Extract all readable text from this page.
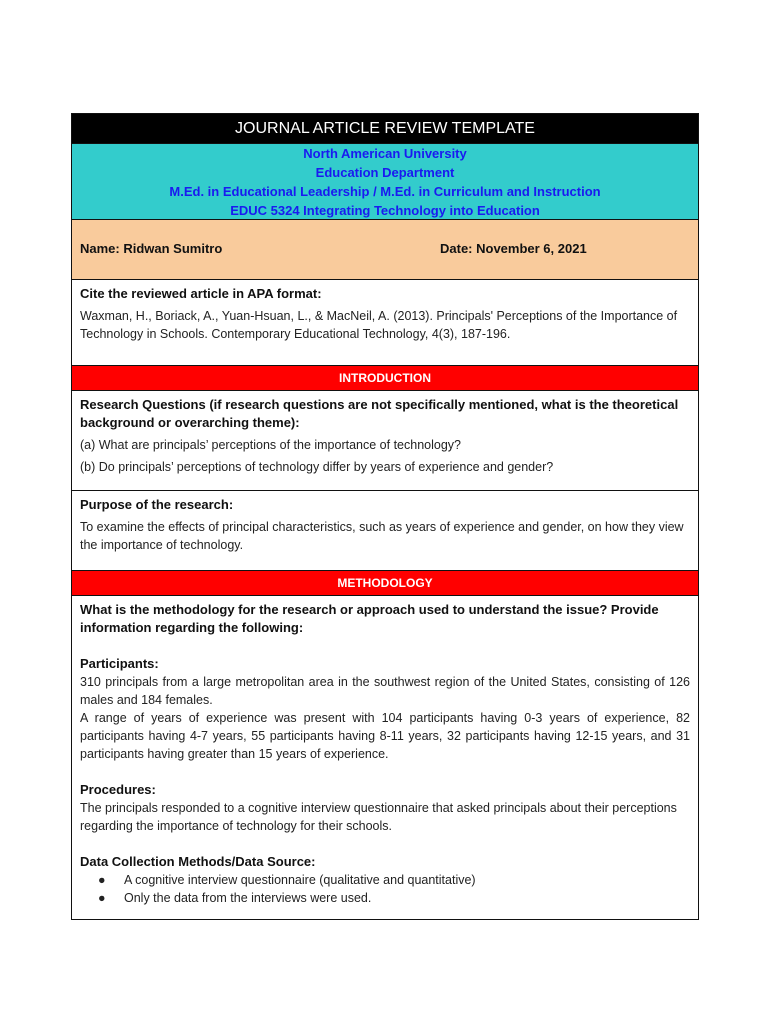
JOURNAL ARTICLE REVIEW TEMPLATE
North American University
Education Department
M.Ed. in Educational Leadership / M.Ed. in Curriculum and Instruction
EDUC 5324 Integrating Technology into Education
Name: Ridwan Sumitro	Date: November 6, 2021
Cite the reviewed article in APA format:

Waxman, H., Boriack, A., Yuan-Hsuan, L., & MacNeil, A. (2013). Principals' Perceptions of the Importance of Technology in Schools. Contemporary Educational Technology, 4(3), 187-196.

INTRODUCTION
Research Questions (if research questions are not specifically mentioned, what is the theoretical background or overarching theme):

(a) What are principals’ perceptions of the importance of technology?

(b) Do principals’ perceptions of technology differ by years of experience and gender?

Purpose of the research:

To examine the effects of principal characteristics, such as years of experience and gender, on how they view the importance of technology.

METHODOLOGY
What is the methodology for the research or approach used to understand the issue? Provide information regarding the following:
Participants:

310 principals from a large metropolitan area in the southwest region of the United States, consisting of 126 males and 184 females.

A range of years of experience was present with 104 participants having 0-3 years of experience, 82 participants having 4-7 years, 55 participants having 8-11 years, 32 participants having 12-15 years, and 31 participants having greater than 15 years of experience.

Procedures:

The principals responded to a cognitive interview questionnaire that asked principals about their perceptions regarding the importance of technology for their schools.

Data Collection Methods/Data Source:
● A cognitive interview questionnaire (qualitative and quantitative)
● Only the data from the interviews were used.
